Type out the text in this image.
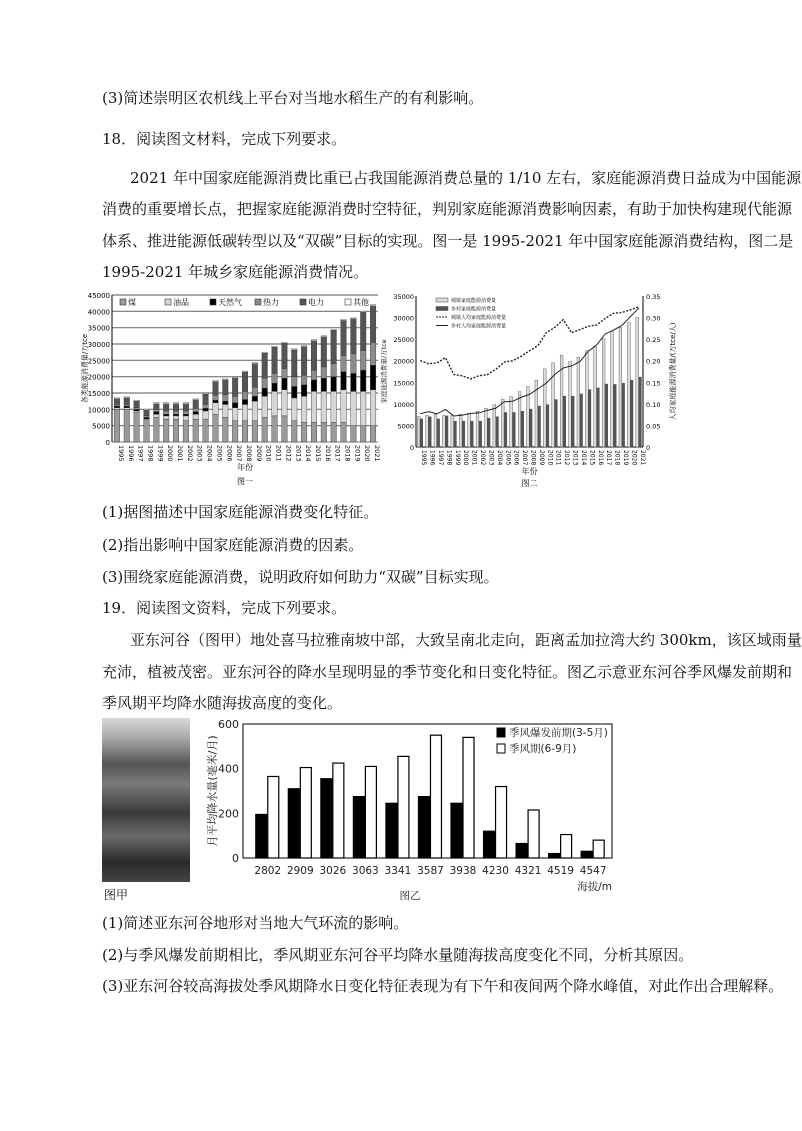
(3)简述崇明区农机线上平台对当地水稻生产的有利影响。
18．阅读图文材料，完成下列要求。
2021 年中国家庭能源消费比重已占我国能源消费总量的 1/10 左右，家庭能源消费日益成为中国能源
消费的重要增长点，把握家庭能源消费时空特征，判别家庭能源消费影响因素，有助于加快构建现代能源
体系、推进能源低碳转型以及“双碳”目标的实现。图一是 1995-2021 年中国家庭能源消费结构，图二是
1995-2021 年城乡家庭能源消费情况。
0
5000
10000
15000
20000
25000
30000
35000
40000
45000
1995 1996 1997 1998 1999 2000 2001 2002 2003 2004 2005 2006 2007 2008 2009 2010 2011 2012 2013 2014 2015 2016 2017 2018 2019 2020 2021
煤	油品	天然气	热力	电力	其他
各类能源消费量/万tce
年份
图一
0
5000
10000
15000
20000
25000
30000
35000
0
0.05
0.10
0.15
0.20
0.25
0.30
0.35
1995 1996 1997 1998 1999 2000 2001 2002 2003 2004 2005 2006 2007 2008 2009 2010 2011 2012 2013 2014 2015 2016 2017 2018 2019 2020 2021
城镇家庭能源消费量
乡村家庭能源消费量
城镇人均家庭能源消费量
乡村人均家庭能源消费量
家庭能源消费量/万tce	人均家庭能源消费量/(万tce/人)
年份
图二
(1)据图描述中国家庭能源消费变化特征。
(2)指出影响中国家庭能源消费的因素。
(3)围绕家庭能源消费，说明政府如何助力“双碳”目标实现。
19．阅读图文资料，完成下列要求。
亚东河谷（图甲）地处喜马拉雅南坡中部，大致呈南北走向，距离孟加拉湾大约 300km，该区域雨量
充沛，植被茂密。亚东河谷的降水呈现明显的季节变化和日变化特征。图乙示意亚东河谷季风爆发前期和
季风期平均降水随海拔高度的变化。
图甲
0
200
400
600
2802 2909 3026 3063 3341 3587 3938 4230 4321 4519 4547
季风爆发前期(3-5月)
季风期(6-9月)
月平均降水量(毫米/月)
海拔/m
图乙
(1)简述亚东河谷地形对当地大气环流的影响。
(2)与季风爆发前期相比，季风期亚东河谷平均降水量随海拔高度变化不同，分析其原因。
(3)亚东河谷较高海拔处季风期降水日变化特征表现为有下午和夜间两个降水峰值，对此作出合理解释。
